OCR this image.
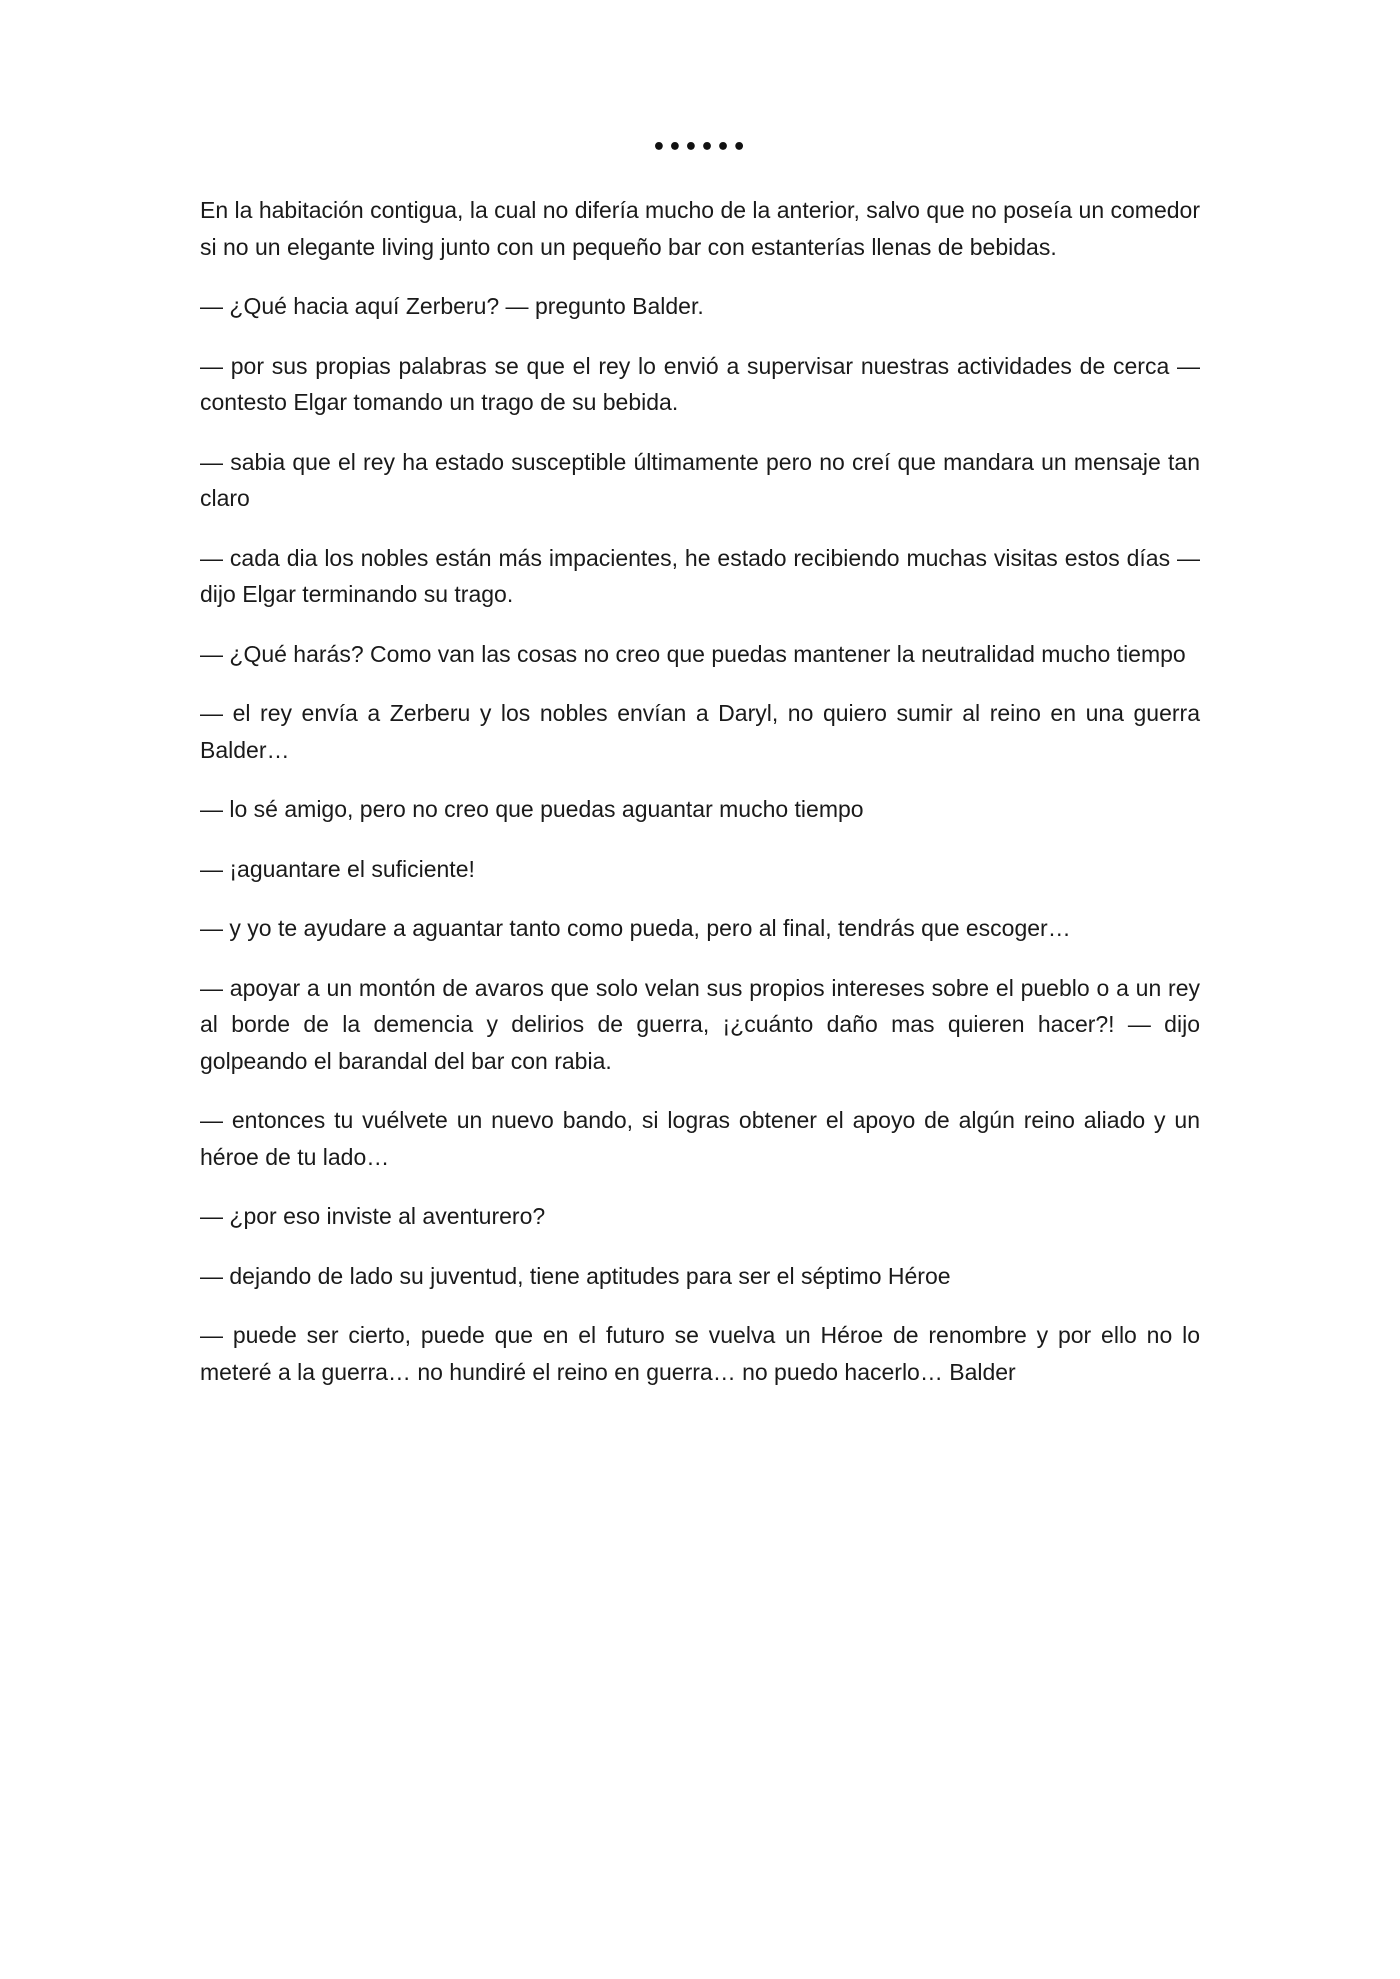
••••••

En la habitación contigua, la cual no difería mucho de la anterior, salvo que no poseía un comedor si no un elegante living junto con un pequeño bar con estanterías llenas de bebidas.

— ¿Qué hacia aquí Zerberu? — pregunto Balder.

— por sus propias palabras se que el rey lo envió a supervisar nuestras actividades de cerca — contesto Elgar tomando un trago de su bebida.

— sabia que el rey ha estado susceptible últimamente pero no creí que mandara un mensaje tan claro

— cada dia los nobles están más impacientes, he estado recibiendo muchas visitas estos días — dijo Elgar terminando su trago.

— ¿Qué harás? Como van las cosas no creo que puedas mantener la neutralidad mucho tiempo

— el rey envía a Zerberu y los nobles envían a Daryl, no quiero sumir al reino en una guerra Balder…

— lo sé amigo, pero no creo que puedas aguantar mucho tiempo

— ¡aguantare el suficiente!

— y yo te ayudare a aguantar tanto como pueda, pero al final, tendrás que escoger…

— apoyar a un montón de avaros que solo velan sus propios intereses sobre el pueblo o a un rey al borde de la demencia y delirios de guerra, ¡¿cuánto daño mas quieren hacer?! — dijo golpeando el barandal del bar con rabia.

— entonces tu vuélvete un nuevo bando, si logras obtener el apoyo de algún reino aliado y un héroe de tu lado…

— ¿por eso inviste al aventurero?

— dejando de lado su juventud, tiene aptitudes para ser el séptimo Héroe

— puede ser cierto, puede que en el futuro se vuelva un Héroe de renombre y por ello no lo meteré a la guerra… no hundiré el reino en guerra… no puedo hacerlo… Balder
